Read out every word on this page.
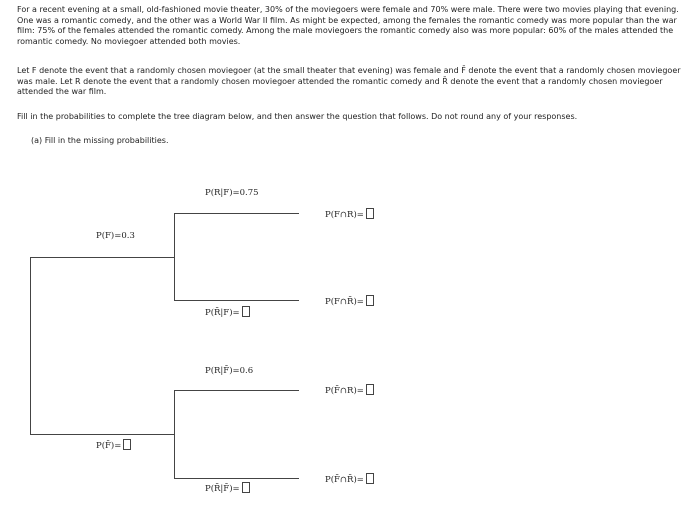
For a recent evening at a small, old-fashioned movie theater, 30% of the moviegoers were female and 70% were male. There were two movies playing that evening. One was a romantic comedy, and the other was a World War II film. As might be expected, among the females the romantic comedy was more popular than the war film: 75% of the females attended the romantic comedy. Among the male moviegoers the romantic comedy also was more popular: 60% of the males attended the romantic comedy. No moviegoer attended both movies.
Let F denote the event that a randomly chosen moviegoer (at the small theater that evening) was female and F̄ denote the event that a randomly chosen moviegoer was male. Let R denote the event that a randomly chosen moviegoer attended the romantic comedy and R̄ denote the event that a randomly chosen moviegoer attended the war film.
Fill in the probabilities to complete the tree diagram below, and then answer the question that follows. Do not round any of your responses.
(a) Fill in the missing probabilities.
P(F)=0.3
P(F̄)=
P(R|F)=0.75
P(R̄|F)=
P(R|F̄)=0.6
P(R̄|F̄)=
P(F∩R)=
P(F∩R̄)=
P(F̄∩R)=
P(F̄∩R̄)=
